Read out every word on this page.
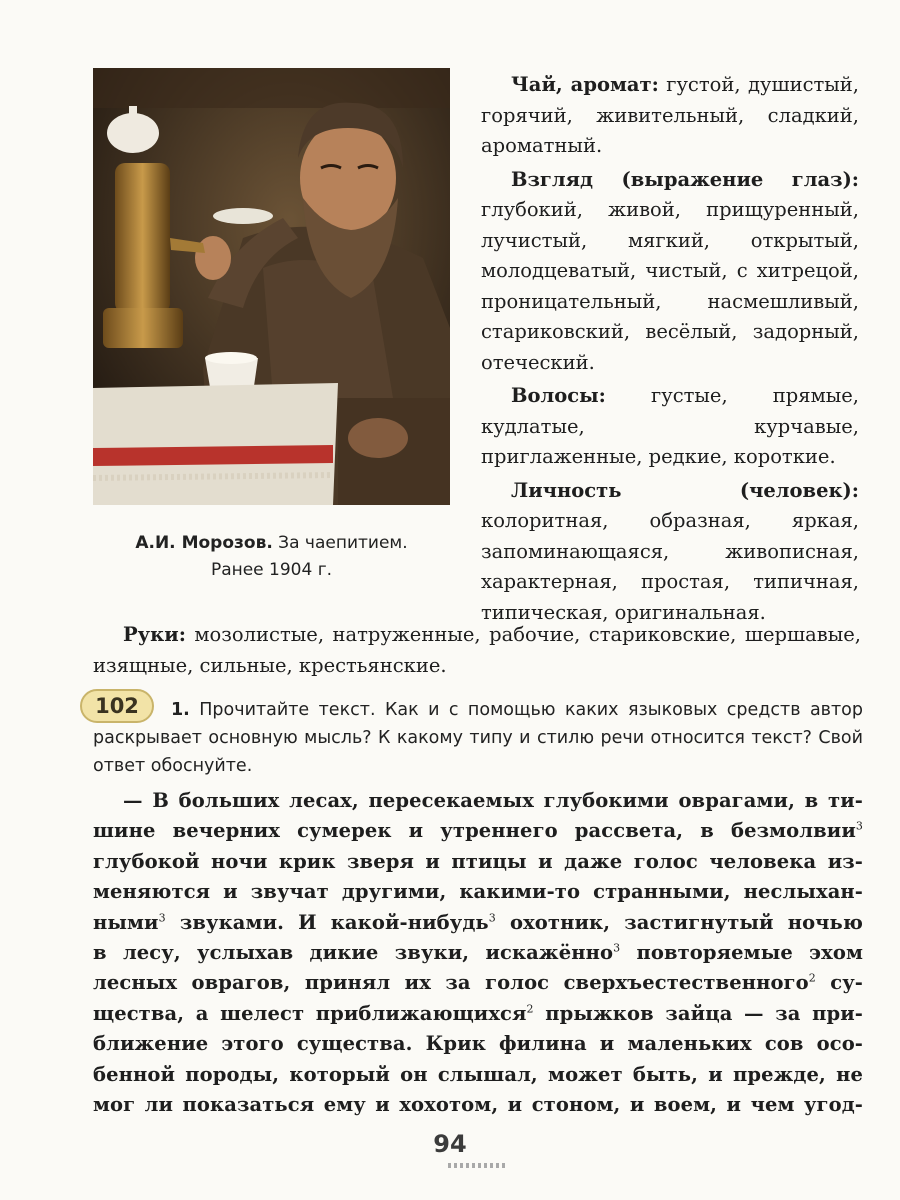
А.И. Морозов. За чаепитием.
Ранее 1904 г.

Чай, аромат: густой, душистый, горячий, живительный, сладкий, ароматный.

Взгляд (выражение глаз): глубокий, живой, прищуренный, лучистый, мягкий, открытый, молодцеватый, чистый, с хитрецой, проницательный, насмешливый, стариковский, весёлый, задорный, отеческий.

Волосы: густые, прямые, кудлатые, курчавые, приглаженные, редкие, короткие.

Личность (человек): колоритная, образная, яркая, запоминающаяся, живописная, характерная, простая, типичная, типическая, оригинальная.

Руки: мозолистые, натруженные, рабочие, стариковские, шершавые, изящные, сильные, крестьянские.

1. Прочитайте текст. Как и с помощью каких языковых средств автор раскрывает основную мысль? К какому типу и стилю речи относится текст? Свой ответ обоснуйте.

102
— В больших лесах, пересекаемых глубокими оврагами, в ти-
шине вечерних сумерек и утреннего рассвета, в безмолвии$^3$
глубокой ночи крик зверя и птицы и даже голос человека из-
меняются и звучат другими, какими-то странными, неслыхан-
ными$^3$ звуками. И какой-нибудь$^3$ охотник, застигнутый ночью
в лесу, услыхав дикие звуки, искажённо$^3$ повторяемые эхом
лесных оврагов, принял их за голос сверхъестественного$^2$ су-
щества, а шелест приближающихся$^2$ прыжков зайца — за при-
ближение этого существа. Крик филина и маленьких сов осо-
бенной породы, который он слышал, может быть, и прежде, не
мог ли показаться ему и хохотом, и стоном, и воем, и чем угод-
94
